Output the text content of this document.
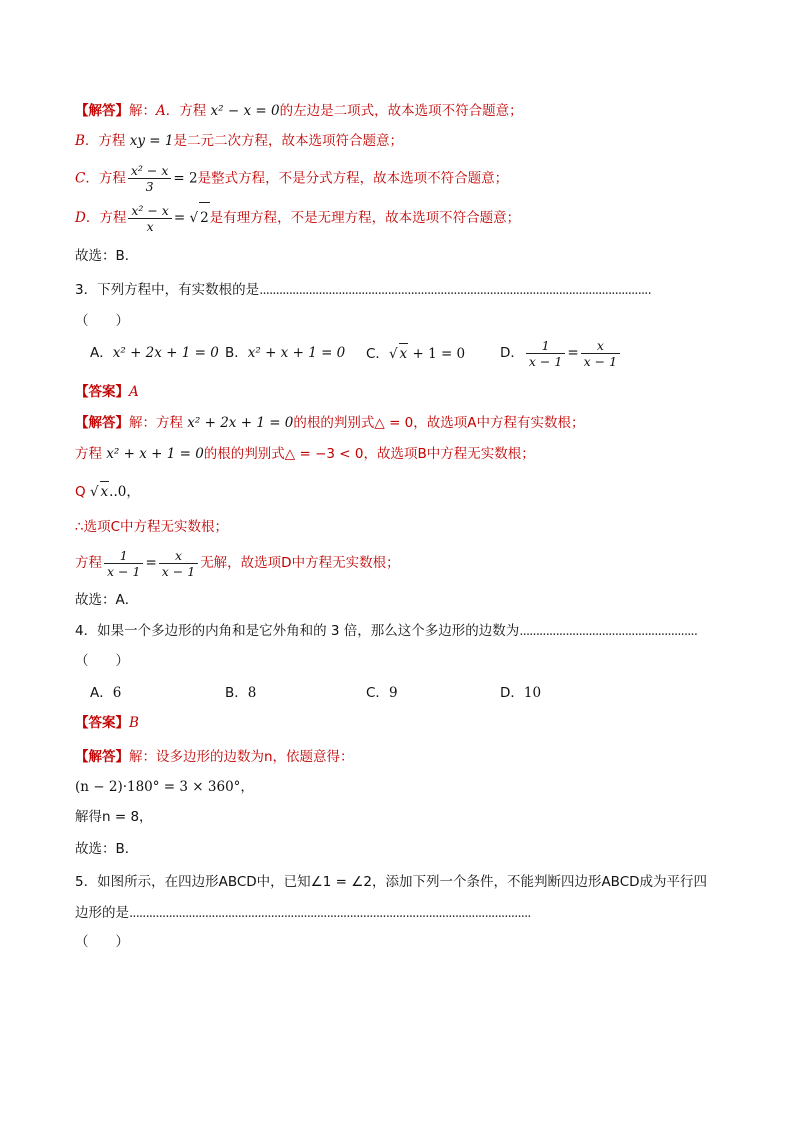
【解答】解：A．方程 x² − x = 0的左边是二项式，故本选项不符合题意；
B．方程 xy = 1是二元二次方程，故本选项符合题意；
C．方程 $\frac{\text{x² − x}}{3} = 2$是整式方程，不是分式方程，故本选项不符合题意；
D．方程 $\frac{\text{x² − x}}{x}$ = √ 2是有理方程，不是无理方程，故本选项不符合题意；
故选：B．
3．下列方程中，有实数根的是.......................................................................................................................
（　　）
A．x² + 2x + 1 = 0 B．x² + x + 1 = 0 C．√ x + 1 = 0	D． $\frac{1}{x - 1} = \frac{x}{x - 1}$
【答案】A
【解答】解：方程 x² + 2x + 1 = 0的根的判别式△ = 0，故选项A中方程有实数根；
方程 x² + x + 1 = 0的根的判别式△ = −3 < 0，故选项B中方程无实数根；
Q √ x..0，
∴选项C中方程无实数根；
方程 $\frac{1}{x - 1} = \frac{x}{x - 1}$ 无解，故选项D中方程无实数根；
故选：A．
4．如果一个多边形的内角和是它外角和的 3 倍，那么这个多边形的边数为......................................................
（　　）
A．6	B．8	C．9	D．10
【答案】B
【解答】解：设多边形的边数为n，依题意得：
(n − 2)·180° = 3 × 360°，
解得n = 8，
故选：B．
5．如图所示，在四边形ABCD中，已知∠1 = ∠2，添加下列一个条件，不能判断四边形ABCD成为平行四
边形的是..........................................................................................................................
（　　）
